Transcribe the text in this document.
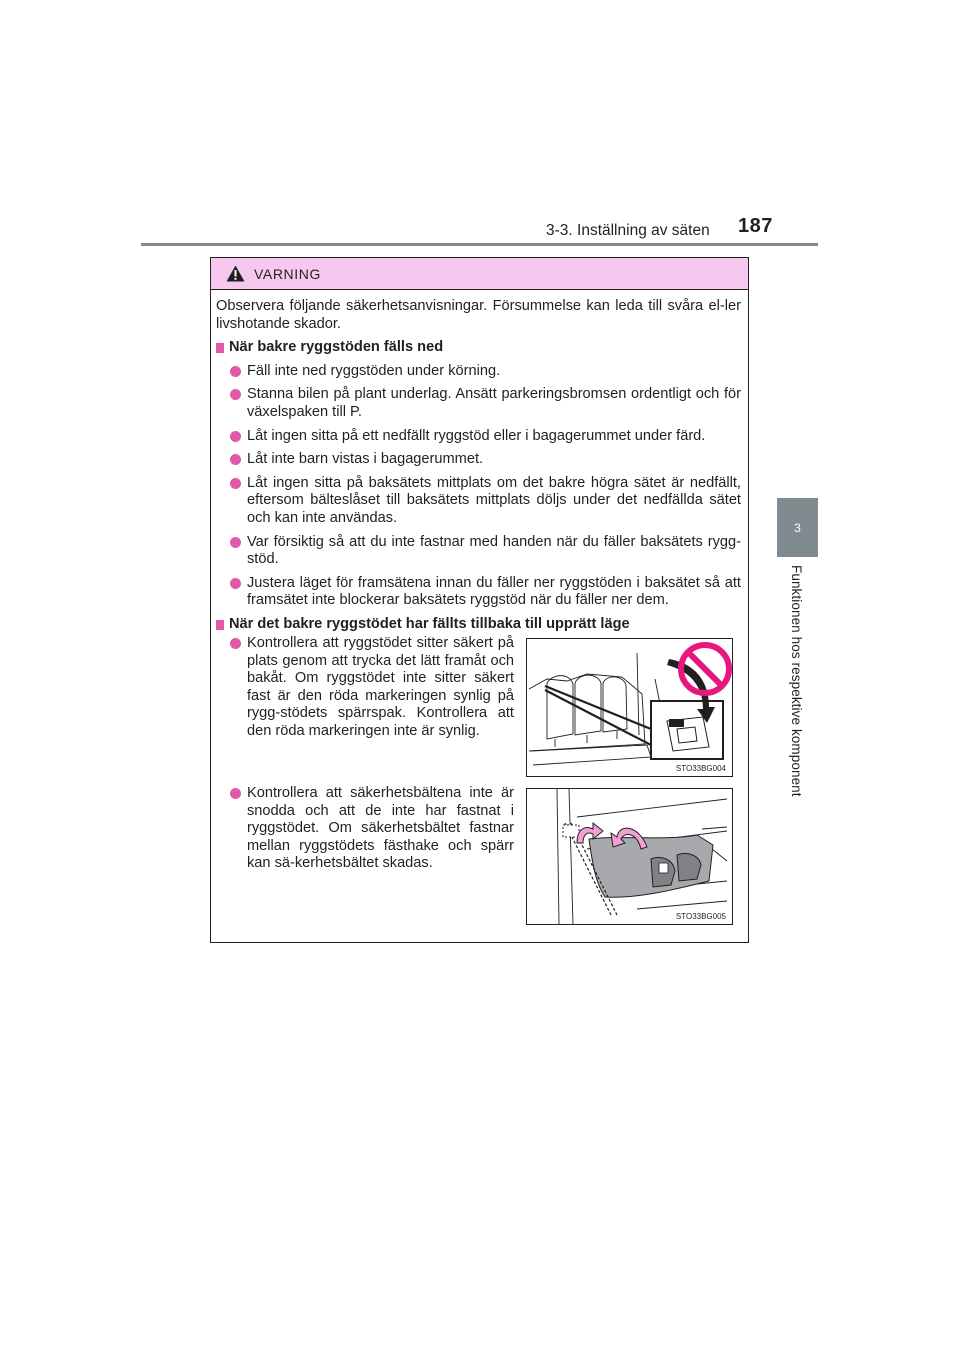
3-3. Inställning av säten 187
3
Funktionen hos respektive komponent
VARNING

Observera följande säkerhetsanvisningar. Försummelse kan leda till svåra el-ler livshotande skador.

När bakre ryggstöden fälls ned

Fäll inte ned ryggstöden under körning.

Stanna bilen på plant underlag. Ansätt parkeringsbromsen ordentligt och för växelspaken till P.

Låt ingen sitta på ett nedfällt ryggstöd eller i bagagerummet under färd.

Låt inte barn vistas i bagagerummet.

Låt ingen sitta på baksätets mittplats om det bakre högra sätet är nedfällt, eftersom bälteslåset till baksätets mittplats döljs under det nedfällda sätet och kan inte användas.

Var försiktig så att du inte fastnar med handen när du fäller baksätets rygg-stöd.

Justera läget för framsätena innan du fäller ner ryggstöden i baksätet så att framsätet inte blockerar baksätets ryggstöd när du fäller ner dem.

När det bakre ryggstödet har fällts tillbaka till upprätt läge

Kontrollera att ryggstödet sitter säkert på plats genom att trycka det lätt framåt och bakåt. Om ryggstödet inte sitter säkert fast är den röda markeringen synlig på rygg-stödets spärrspak. Kontrollera att den röda markeringen inte är synlig.

STO33BG004

Kontrollera att säkerhetsbältena inte är snodda och att de inte har fastnat i ryggstödet. Om säkerhetsbältet fastnar mellan ryggstödets fästhake och spärr kan sä-kerhetsbältet skadas.

STO33BG005
